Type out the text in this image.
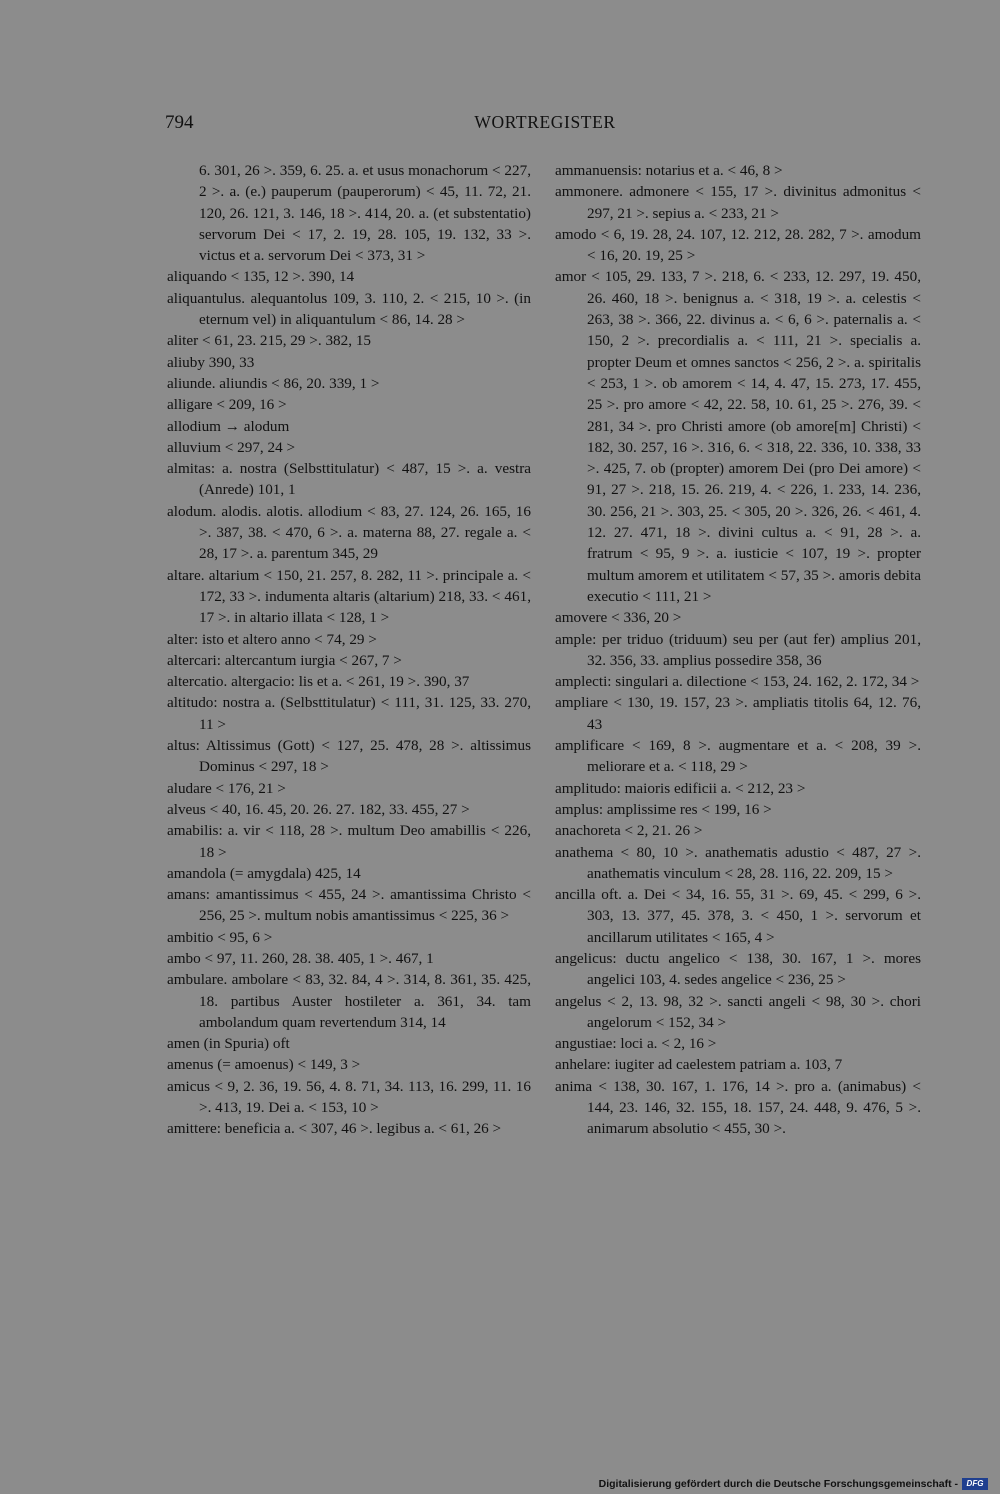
794	WORTREGISTER
6. 301, 26 >. 359, 6. 25. a. et usus monachorum < 227, 2 >. a. (e.) pauperum (pauperorum) < 45, 11. 72, 21. 120, 26. 121, 3. 146, 18 >. 414, 20. a. (et substentatio) servorum Dei < 17, 2. 19, 28. 105, 19. 132, 33 >. victus et a. servorum Dei < 373, 31 >
aliquando < 135, 12 >. 390, 14
aliquantulus. alequantolus 109, 3. 110, 2. < 215, 10 >. (in eternum vel) in aliquantulum < 86, 14. 28 >
aliter < 61, 23. 215, 29 >. 382, 15
aliuby 390, 33
aliunde. aliundis < 86, 20. 339, 1 >
alligare < 209, 16 >
allodium → alodum
alluvium < 297, 24 >
almitas: a. nostra (Selbsttitulatur) < 487, 15 >. a. vestra (Anrede) 101, 1
alodum. alodis. alotis. allodium < 83, 27. 124, 26. 165, 16 >. 387, 38. < 470, 6 >. a. materna 88, 27. regale a. < 28, 17 >. a. parentum 345, 29
altare. altarium < 150, 21. 257, 8. 282, 11 >. principale a. < 172, 33 >. indumenta altaris (altarium) 218, 33. < 461, 17 >. in altario illata < 128, 1 >
alter: isto et altero anno < 74, 29 >
altercari: altercantum iurgia < 267, 7 >
altercatio. altergacio: lis et a. < 261, 19 >. 390, 37
altitudo: nostra a. (Selbsttitulatur) < 111, 31. 125, 33. 270, 11 >
altus: Altissimus (Gott) < 127, 25. 478, 28 >. altissimus Dominus < 297, 18 >
aludare < 176, 21 >
alveus < 40, 16. 45, 20. 26. 27. 182, 33. 455, 27 >
amabilis: a. vir < 118, 28 >. multum Deo amabillis < 226, 18 >
amandola (= amygdala) 425, 14
amans: amantissimus < 455, 24 >. amantissima Christo < 256, 25 >. multum nobis amantissimus < 225, 36 >
ambitio < 95, 6 >
ambo < 97, 11. 260, 28. 38. 405, 1 >. 467, 1
ambulare. ambolare < 83, 32. 84, 4 >. 314, 8. 361, 35. 425, 18. partibus Auster hostileter a. 361, 34. tam ambolandum quam revertendum 314, 14
amen (in Spuria) oft
amenus (= amoenus) < 149, 3 >
amicus < 9, 2. 36, 19. 56, 4. 8. 71, 34. 113, 16. 299, 11. 16 >. 413, 19. Dei a. < 153, 10 >
amittere: beneficia a. < 307, 46 >. legibus a. < 61, 26 >
ammanuensis: notarius et a. < 46, 8 >
ammonere. admonere < 155, 17 >. divinitus admonitus < 297, 21 >. sepius a. < 233, 21 >
amodo < 6, 19. 28, 24. 107, 12. 212, 28. 282, 7 >. amodum < 16, 20. 19, 25 >
amor < 105, 29. 133, 7 >. 218, 6. < 233, 12. 297, 19. 450, 26. 460, 18 >. benignus a. < 318, 19 >. a. celestis < 263, 38 >. 366, 22. divinus a. < 6, 6 >. paternalis a. < 150, 2 >. precordialis a. < 111, 21 >. specialis a. propter Deum et omnes sanctos < 256, 2 >. a. spiritalis < 253, 1 >. ob amorem < 14, 4. 47, 15. 273, 17. 455, 25 >. pro amore < 42, 22. 58, 10. 61, 25 >. 276, 39. < 281, 34 >. pro Christi amore (ob amore[m] Christi) < 182, 30. 257, 16 >. 316, 6. < 318, 22. 336, 10. 338, 33 >. 425, 7. ob (propter) amorem Dei (pro Dei amore) < 91, 27 >. 218, 15. 26. 219, 4. < 226, 1. 233, 14. 236, 30. 256, 21 >. 303, 25. < 305, 20 >. 326, 26. < 461, 4. 12. 27. 471, 18 >. divini cultus a. < 91, 28 >. a. fratrum < 95, 9 >. a. iusticie < 107, 19 >. propter multum amorem et utilitatem < 57, 35 >. amoris debita executio < 111, 21 >
amovere < 336, 20 >
ample: per triduo (triduum) seu per (aut fer) amplius 201, 32. 356, 33. amplius possedire 358, 36
amplecti: singulari a. dilectione < 153, 24. 162, 2. 172, 34 >
ampliare < 130, 19. 157, 23 >. ampliatis titolis 64, 12. 76, 43
amplificare < 169, 8 >. augmentare et a. < 208, 39 >. meliorare et a. < 118, 29 >
amplitudo: maioris edificii a. < 212, 23 >
amplus: amplissime res < 199, 16 >
anachoreta < 2, 21. 26 >
anathema < 80, 10 >. anathematis adustio < 487, 27 >. anathematis vinculum < 28, 28. 116, 22. 209, 15 >
ancilla oft. a. Dei < 34, 16. 55, 31 >. 69, 45. < 299, 6 >. 303, 13. 377, 45. 378, 3. < 450, 1 >. servorum et ancillarum utilitates < 165, 4 >
angelicus: ductu angelico < 138, 30. 167, 1 >. mores angelici 103, 4. sedes angelice < 236, 25 >
angelus < 2, 13. 98, 32 >. sancti angeli < 98, 30 >. chori angelorum < 152, 34 >
angustiae: loci a. < 2, 16 >
anhelare: iugiter ad caelestem patriam a. 103, 7
anima < 138, 30. 167, 1. 176, 14 >. pro a. (animabus) < 144, 23. 146, 32. 155, 18. 157, 24. 448, 9. 476, 5 >. animarum absolutio < 455, 30 >.
Digitalisierung gefördert durch die Deutsche Forschungsgemeinschaft -	DFG
